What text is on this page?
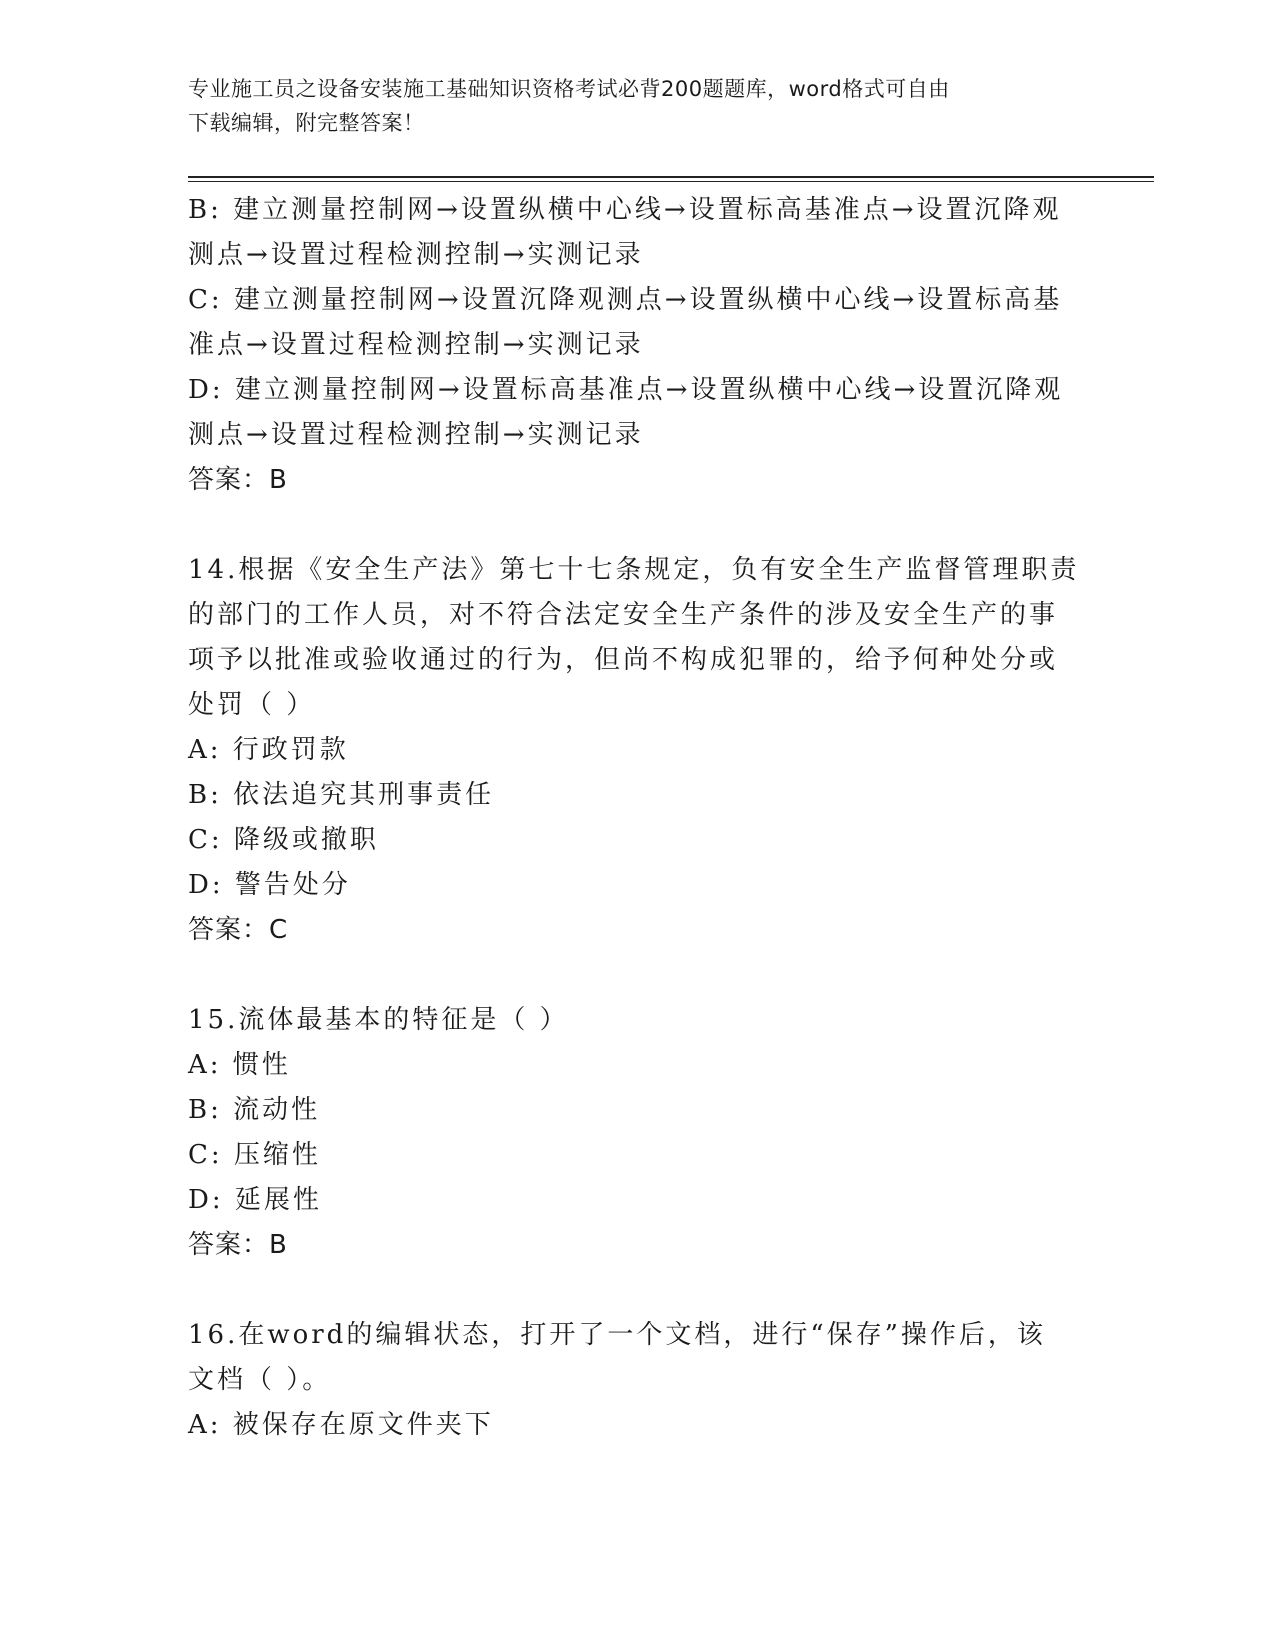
专业施工员之设备安装施工基础知识资格考试必背200题题库，word格式可自由
下载编辑，附完整答案！
B: 建立测量控制网→设置纵横中心线→设置标高基准点→设置沉降观
测点→设置过程检测控制→实测记录
C: 建立测量控制网→设置沉降观测点→设置纵横中心线→设置标高基
准点→设置过程检测控制→实测记录
D: 建立测量控制网→设置标高基准点→设置纵横中心线→设置沉降观
测点→设置过程检测控制→实测记录
答案：B
14.根据《安全生产法》第七十七条规定，负有安全生产监督管理职责
的部门的工作人员，对不符合法定安全生产条件的涉及安全生产的事
项予以批准或验收通过的行为，但尚不构成犯罪的，给予何种处分或
处罚（ ）
A: 行政罚款
B: 依法追究其刑事责任
C: 降级或撤职
D: 警告处分
答案：C
15.流体最基本的特征是（ ）
A: 惯性
B: 流动性
C: 压缩性
D: 延展性
答案：B
16.在word的编辑状态，打开了一个文档，进行“保存”操作后，该
文档（ ）。
A: 被保存在原文件夹下
